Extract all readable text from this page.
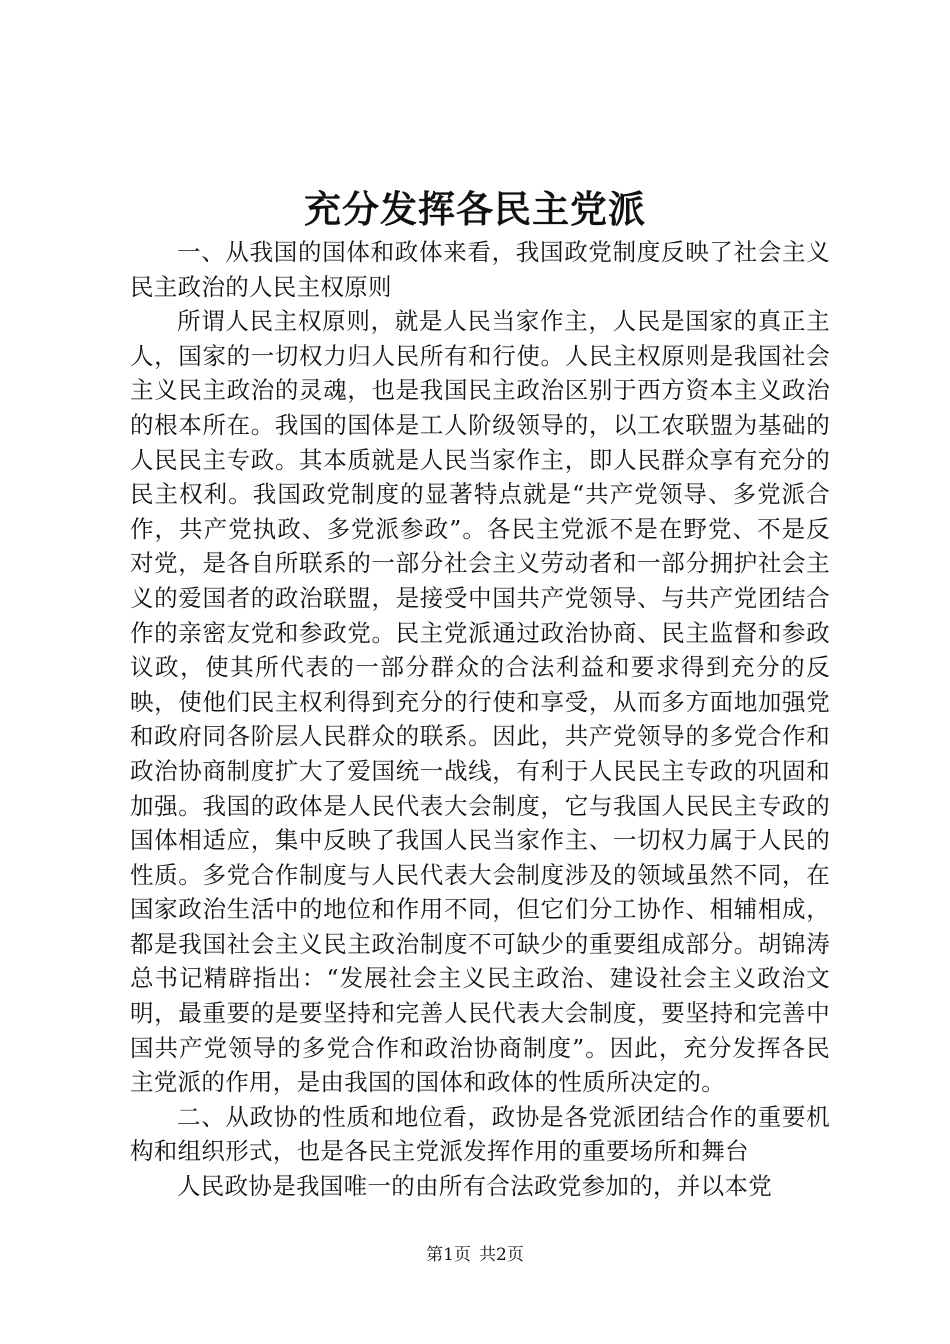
充分发挥各民主党派

一、从我国的国体和政体来看，我国政党制度反映了社会主义民主政治的人民主权原则

所谓人民主权原则，就是人民当家作主，人民是国家的真正主人，国家的一切权力归人民所有和行使。人民主权原则是我国社会主义民主政治的灵魂，也是我国民主政治区别于西方资本主义政治的根本所在。我国的国体是工人阶级领导的，以工农联盟为基础的人民民主专政。其本质就是人民当家作主，即人民群众享有充分的民主权利。我国政党制度的显著特点就是“共产党领导、多党派合作，共产党执政、多党派参政”。各民主党派不是在野党、不是反对党，是各自所联系的一部分社会主义劳动者和一部分拥护社会主义的爱国者的政治联盟，是接受中国共产党领导、与共产党团结合作的亲密友党和参政党。民主党派通过政治协商、民主监督和参政议政，使其所代表的一部分群众的合法利益和要求得到充分的反映，使他们民主权利得到充分的行使和享受，从而多方面地加强党和政府同各阶层人民群众的联系。因此，共产党领导的多党合作和政治协商制度扩大了爱国统一战线，有利于人民民主专政的巩固和加强。我国的政体是人民代表大会制度，它与我国人民民主专政的国体相适应，集中反映了我国人民当家作主、一切权力属于人民的性质。多党合作制度与人民代表大会制度涉及的领域虽然不同，在国家政治生活中的地位和作用不同，但它们分工协作、相辅相成，都是我国社会主义民主政治制度不可缺少的重要组成部分。胡锦涛总书记精辟指出：“发展社会主义民主政治、建设社会主义政治文明，最重要的是要坚持和完善人民代表大会制度，要坚持和完善中国共产党领导的多党合作和政治协商制度”。因此，充分发挥各民主党派的作用，是由我国的国体和政体的性质所决定的。

二、从政协的性质和地位看，政协是各党派团结合作的重要机构和组织形式，也是各民主党派发挥作用的重要场所和舞台

人民政协是我国唯一的由所有合法政党参加的，并以本党

第1页 共2页
